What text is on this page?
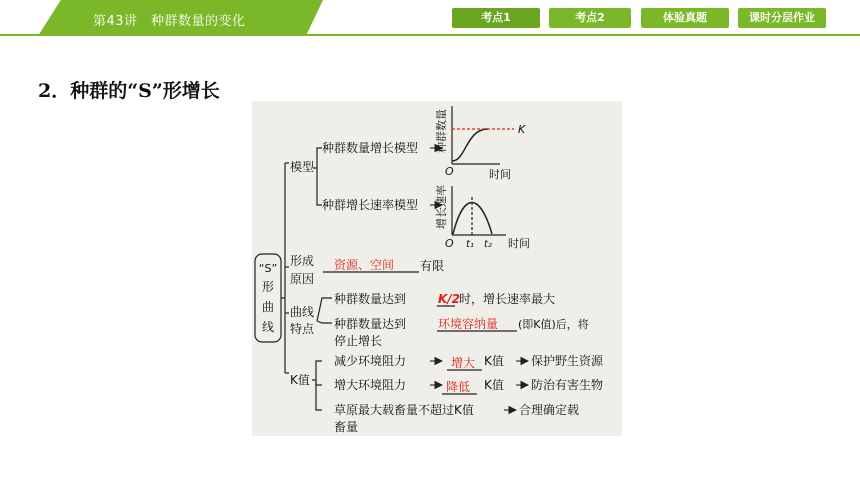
第43讲　种群数量的变化	考点1	考点2	体验真题	课时分层作业
2．种群的“S”形增长
“S”
形
曲
线
模型
种群数量增长模型
种群增长速率模型
种群数量	K
O	时间
增长速率
O t₁ t₂ 时间
形成
原因
资源、空间 有限
曲线
特点
种群数量达到	K/2
时，增长速率最大
种群数量达到	环境容纳量 (即K值)后，将
停止增长
K值
减少环境阻力	增大 K值 保护野生资源
增大环境阻力	降低 K值 防治有害生物
草原最大载畜量不超过K值	合理确定载
畜量
